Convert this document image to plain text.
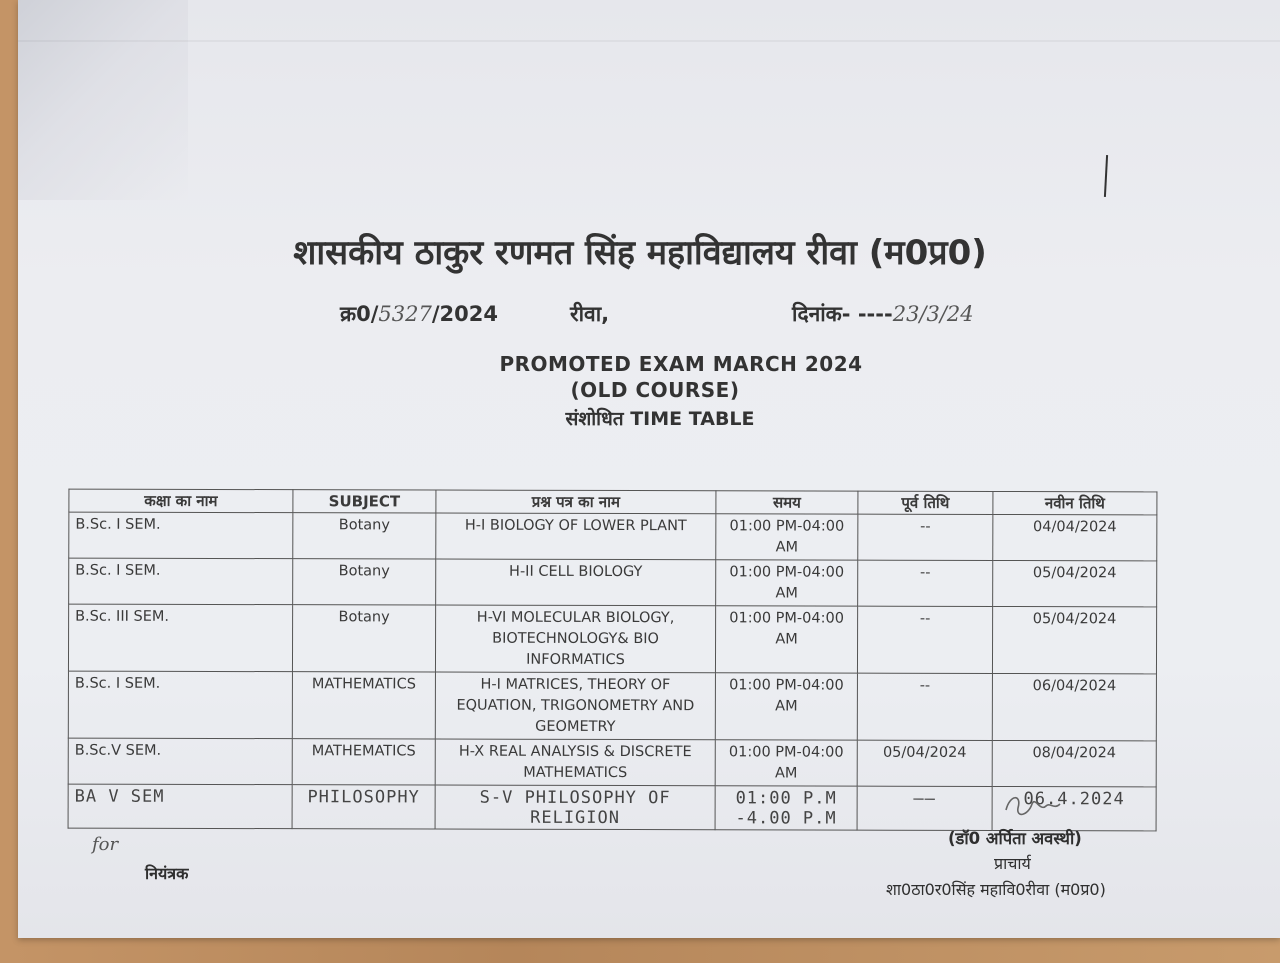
शासकीय ठाकुर रणमत सिंह महाविद्यालय रीवा (म0प्र0)
क्र0/5327/2024	रीवा,	दिनांक- ----23/3/24
PROMOTED EXAM MARCH 2024
(OLD COURSE)
संशोधित TIME TABLE
कक्षा का नाम	SUBJECT	प्रश्न पत्र का नाम	समय	पूर्व तिथि	नवीन तिथि
B.Sc. I SEM.	Botany	H-I BIOLOGY OF LOWER PLANT	01:00 PM-04:00 AM	--	04/04/2024
B.Sc. I SEM.	Botany	H-II CELL BIOLOGY	01:00 PM-04:00 AM	--	05/04/2024
B.Sc. III SEM.	Botany	H-VI MOLECULAR BIOLOGY, BIOTECHNOLOGY& BIO INFORMATICS	01:00 PM-04:00 AM	--	05/04/2024
B.Sc. I SEM.	MATHEMATICS	H-I MATRICES, THEORY OF EQUATION, TRIGONOMETRY AND GEOMETRY	01:00 PM-04:00 AM	--	06/04/2024
B.Sc.V SEM.	MATHEMATICS	H-X REAL ANALYSIS & DISCRETE MATHEMATICS	01:00 PM-04:00 AM	05/04/2024	08/04/2024
BA V SEM	PHILOSOPHY	S-V PHILOSOPHY OF RELIGION	01:00 P.M -4.00 P.M	——	06.4.2024
for
नियंत्रक
(डॉ0 अर्पिता अवस्थी)
प्राचार्य
शा0ठा0र0सिंह महावि0रीवा (म0प्र0)
